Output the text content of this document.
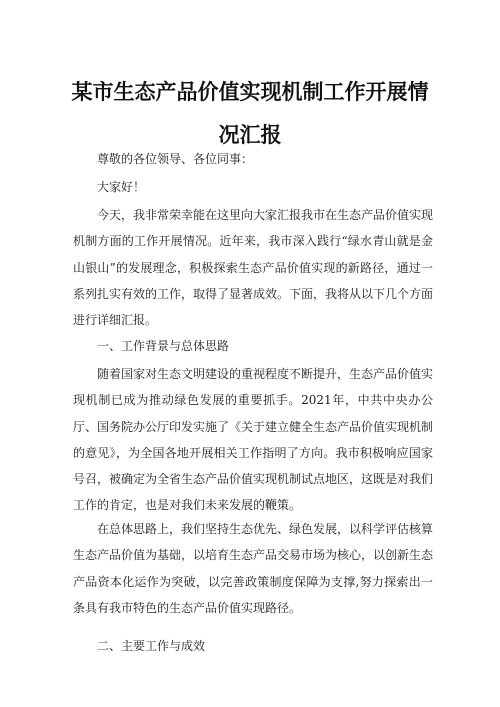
某市生态产品价值实现机制工作开展情
况汇报

尊敬的各位领导、各位同事：

大家好！

今天，我非常荣幸能在这里向大家汇报我市在生态产品价值实现机制方面的工作开展情况。近年来，我市深入践行“绿水青山就是金山银山”的发展理念，积极探索生态产品价值实现的新路径，通过一系列扎实有效的工作，取得了显著成效。下面，我将从以下几个方面进行详细汇报。

一、工作背景与总体思路

随着国家对生态文明建设的重视程度不断提升，生态产品价值实现机制已成为推动绿色发展的重要抓手。2021年，中共中央办公厅、国务院办公厅印发实施了《关于建立健全生态产品价值实现机制的意见》，为全国各地开展相关工作指明了方向。我市积极响应国家号召，被确定为全省生态产品价值实现机制试点地区，这既是对我们工作的肯定，也是对我们未来发展的鞭策。

在总体思路上，我们坚持生态优先、绿色发展，以科学评估核算生态产品价值为基础，以培育生态产品交易市场为核心，以创新生态产品资本化运作为突破，以完善政策制度保障为支撑,努力探索出一条具有我市特色的生态产品价值实现路径。

二、主要工作与成效
